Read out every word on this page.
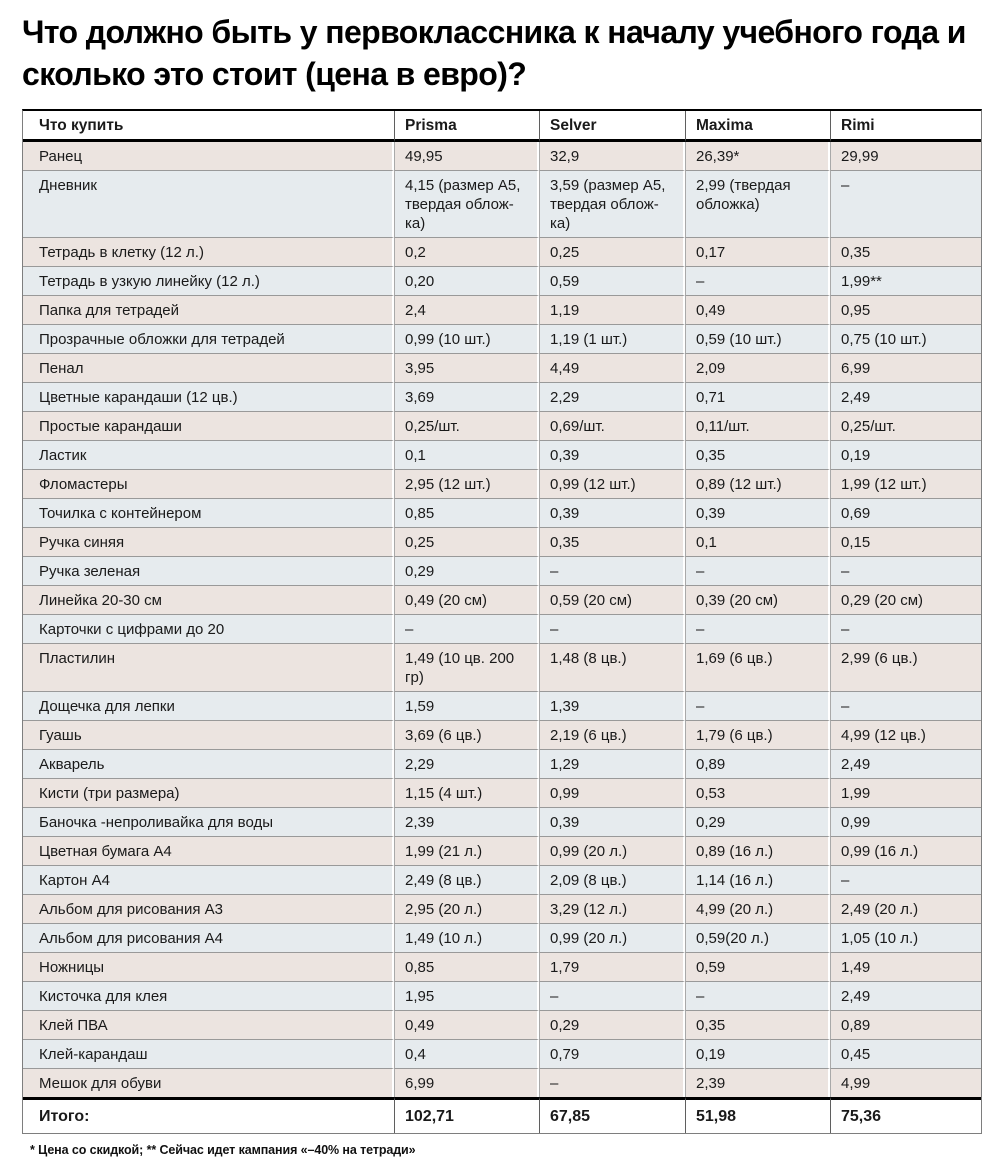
Что должно быть у первоклассника к началу учебного года и сколько это стоит (цена в евро)?
Что купить	Prisma	Selver	Maxima	Rimi
Ранец	49,95	32,9	26,39*	29,99
Дневник	4,15 (размер А5, твердая облож-ка)	3,59 (размер А5, твердая облож-ка)	2,99 (твердая обложка)	–
Тетрадь в клетку (12 л.)	0,2	0,25	0,17	0,35
Тетрадь в узкую линейку (12 л.)	0,20	0,59	–	1,99**
Папка для тетрадей	2,4	1,19	0,49	0,95
Прозрачные обложки для тетрадей	0,99 (10 шт.)	1,19 (1 шт.)	0,59 (10 шт.)	0,75 (10 шт.)
Пенал	3,95	4,49	2,09	6,99
Цветные карандаши (12 цв.)	3,69	2,29	0,71	2,49
Простые карандаши	0,25/шт.	0,69/шт.	0,11/шт.	0,25/шт.
Ластик	0,1	0,39	0,35	0,19
Фломастеры	2,95 (12 шт.)	0,99 (12 шт.)	0,89 (12 шт.)	1,99 (12 шт.)
Точилка с контейнером	0,85	0,39	0,39	0,69
Ручка синяя	0,25	0,35	0,1	0,15
Ручка зеленая	0,29	–	–	–
Линейка 20-30 см	0,49 (20 см)	0,59 (20 см)	0,39 (20 см)	0,29 (20 см)
Карточки с цифрами до 20	–	–	–	–
Пластилин	1,49 (10 цв. 200 гр)	1,48 (8 цв.)	1,69 (6 цв.)	2,99 (6 цв.)
Дощечка для лепки	1,59	1,39	–	–
Гуашь	3,69 (6 цв.)	2,19 (6 цв.)	1,79 (6 цв.)	4,99 (12 цв.)
Акварель	2,29	1,29	0,89	2,49
Кисти (три размера)	1,15 (4 шт.)	0,99	0,53	1,99
Баночка -непроливайка для воды	2,39	0,39	0,29	0,99
Цветная бумага А4	1,99 (21 л.)	0,99 (20 л.)	0,89 (16 л.)	0,99 (16 л.)
Картон А4	2,49 (8 цв.)	2,09 (8 цв.)	1,14 (16 л.)	–
Альбом для рисования А3	2,95 (20 л.)	3,29 (12 л.)	4,99 (20 л.)	2,49 (20 л.)
Альбом для рисования А4	1,49 (10 л.)	0,99 (20 л.)	0,59(20 л.)	1,05 (10 л.)
Ножницы	0,85	1,79	0,59	1,49
Кисточка для клея	1,95	–	–	2,49
Клей ПВА	0,49	0,29	0,35	0,89
Клей-карандаш	0,4	0,79	0,19	0,45
Мешок для обуви	6,99	–	2,39	4,99
Итого:	102,71	67,85	51,98	75,36
* Цена со скидкой; ** Сейчас идет кампания «–40% на тетради»
